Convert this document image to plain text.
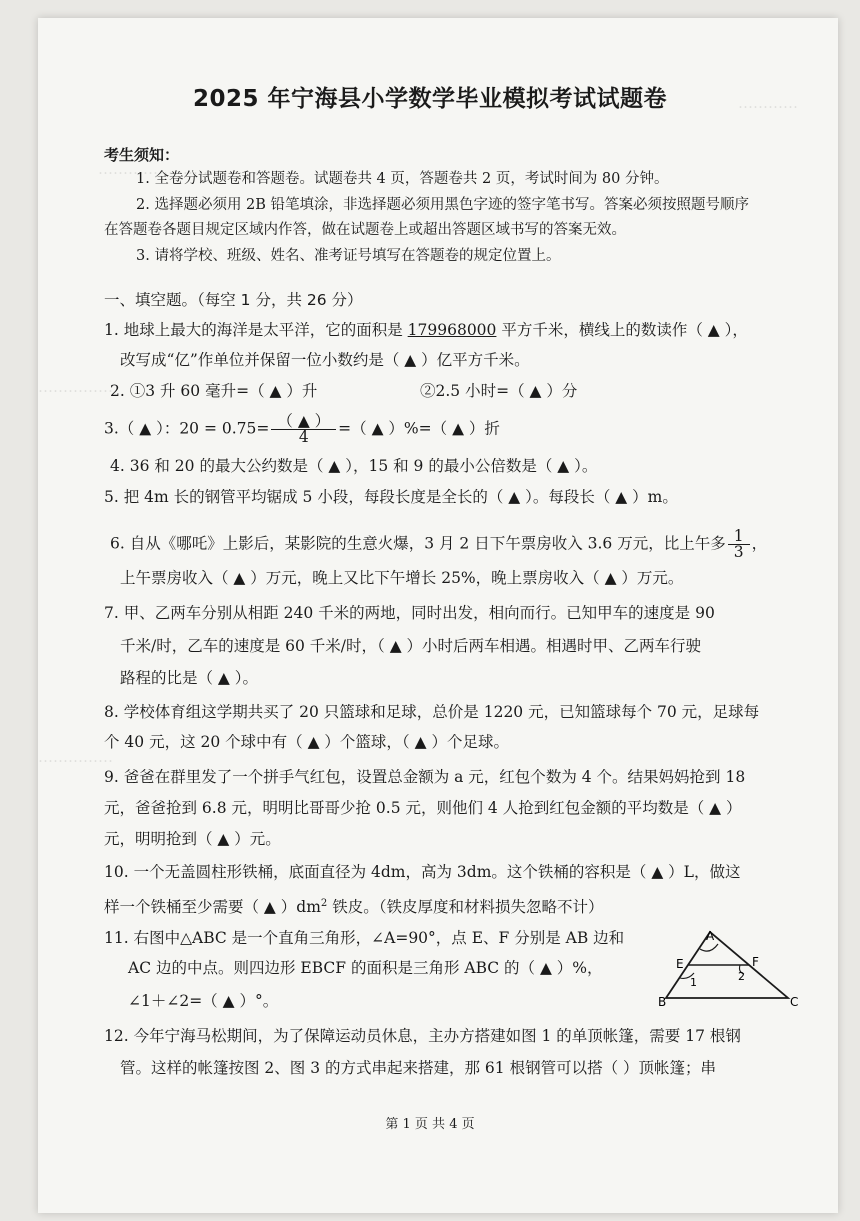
…………
……………………………
……………
……………
2025 年宁海县小学数学毕业模拟考试试题卷
考生须知：
1. 全卷分试题卷和答题卷。试题卷共 4 页，答题卷共 2 页，考试时间为 80 分钟。
2. 选择题必须用 2B 铅笔填涂，非选择题必须用黑色字迹的签字笔书写。答案必须按照题号顺序
在答题卷各题目规定区域内作答，做在试题卷上或超出答题区域书写的答案无效。
3. 请将学校、班级、姓名、准考证号填写在答题卷的规定位置上。
一、填空题。（每空 1 分，共 26 分）
1. 地球上最大的海洋是太平洋，它的面积是 179968000 平方千米，横线上的数读作（ ▲ ），
改写成“亿”作单位并保留一位小数约是（ ▲ ）亿平方千米。
2. ①3 升 60 毫升=（ ▲ ）升	②2.5 小时=（ ▲ ）分
3.（ ▲ ）：$20 = 0.75= \frac{( ▲ )}{4}$ =（ ▲ ）%=（ ▲ ）折
4. 36 和 20 的最大公约数是（ ▲ ），15 和 9 的最小公倍数是（ ▲ ）。
5. 把 4m 长的钢管平均锯成 5 小段，每段长度是全长的（ ▲ ）。每段长（ ▲ ）m。
6. 自从《哪吒》上影后，某影院的生意火爆，3 月 2 日下午票房收入 3.6 万元，比上午多 $\frac{1}{3}$ ，
上午票房收入（ ▲ ）万元，晚上又比下午增长 25%，晚上票房收入（ ▲ ）万元。
7. 甲、乙两车分别从相距 240 千米的两地，同时出发，相向而行。已知甲车的速度是 90
千米/时，乙车的速度是 60 千米/时，（ ▲ ）小时后两车相遇。相遇时甲、乙两车行驶
路程的比是（ ▲ ）。
8. 学校体育组这学期共买了 20 只篮球和足球，总价是 1220 元，已知篮球每个 70 元，足球每
个 40 元，这 20 个球中有（ ▲ ）个篮球，（ ▲ ）个足球。
9. 爸爸在群里发了一个拼手气红包，设置总金额为 a 元，红包个数为 4 个。结果妈妈抢到 18
元，爸爸抢到 6.8 元，明明比哥哥少抢 0.5 元，则他们 4 人抢到红包金额的平均数是（ ▲ ）
元，明明抢到（ ▲ ）元。
10. 一个无盖圆柱形铁桶，底面直径为 4dm，高为 3dm。这个铁桶的容积是（ ▲ ）L，做这
样一个铁桶至少需要（ ▲ ）$dm^2$ 铁皮。（铁皮厚度和材料损失忽略不计）
11. 右图中△ABC 是一个直角三角形，∠A=90°，点 E、F 分别是 AB 边和
AC 边的中点。则四边形 EBCF 的面积是三角形 ABC 的（ ▲ ）%，
∠1＋∠2=（ ▲ ）°。
A
B	C
E	F
1	2
12. 今年宁海马松期间，为了保障运动员休息，主办方搭建如图 1 的单顶帐篷，需要 17 根钢
管。这样的帐篷按图 2、图 3 的方式串起来搭建，那 61 根钢管可以搭（ ）顶帐篷；串
第 1 页 共 4 页
